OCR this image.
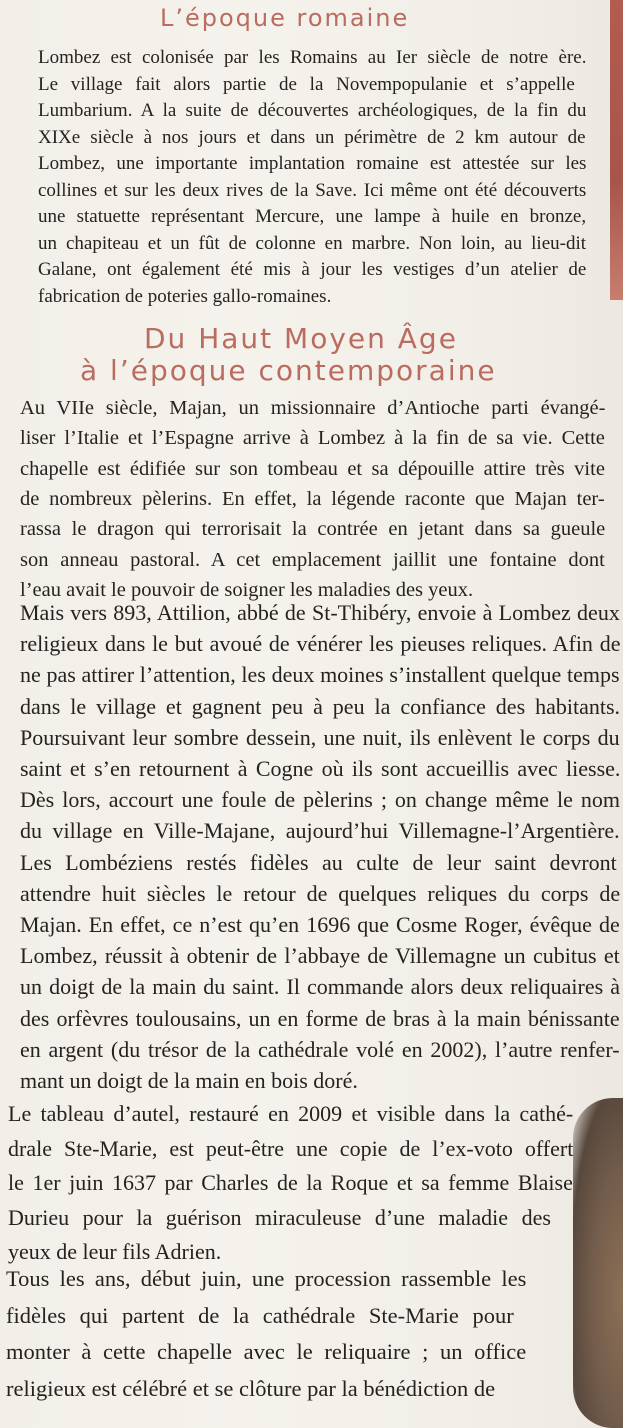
L’époque romaine
Lombez est colonisée par les Romains au Ier siècle de notre ère.
Le village fait alors partie de la Novempopulanie et s’appelle
Lumbarium. A la suite de découvertes archéologiques, de la fin du
XIXe siècle à nos jours et dans un périmètre de 2 km autour de
Lombez, une importante implantation romaine est attestée sur les
collines et sur les deux rives de la Save. Ici même ont été découverts
une statuette représentant Mercure, une lampe à huile en bronze,
un chapiteau et un fût de colonne en marbre. Non loin, au lieu-dit
Galane, ont également été mis à jour les vestiges d’un atelier de
fabrication de poteries gallo-romaines.
Du Haut Moyen Âge
à l’époque contemporaine
Au VIIe siècle, Majan, un missionnaire d’Antioche parti évangé-
liser l’Italie et l’Espagne arrive à Lombez à la fin de sa vie. Cette
chapelle est édifiée sur son tombeau et sa dépouille attire très vite
de nombreux pèlerins. En effet, la légende raconte que Majan ter-
rassa le dragon qui terrorisait la contrée en jetant dans sa gueule
son anneau pastoral. A cet emplacement jaillit une fontaine dont
l’eau avait le pouvoir de soigner les maladies des yeux.
Mais vers 893, Attilion, abbé de St-Thibéry, envoie à Lombez deux
religieux dans le but avoué de vénérer les pieuses reliques. Afin de
ne pas attirer l’attention, les deux moines s’installent quelque temps
dans le village et gagnent peu à peu la confiance des habitants.
Poursuivant leur sombre dessein, une nuit, ils enlèvent le corps du
saint et s’en retournent à Cogne où ils sont accueillis avec liesse.
Dès lors, accourt une foule de pèlerins ; on change même le nom
du village en Ville-Majane, aujourd’hui Villemagne-l’Argentière.
Les Lombéziens restés fidèles au culte de leur saint devront
attendre huit siècles le retour de quelques reliques du corps de
Majan. En effet, ce n’est qu’en 1696 que Cosme Roger, évêque de
Lombez, réussit à obtenir de l’abbaye de Villemagne un cubitus et
un doigt de la main du saint. Il commande alors deux reliquaires à
des orfèvres toulousains, un en forme de bras à la main bénissante
en argent (du trésor de la cathédrale volé en 2002), l’autre renfer-
mant un doigt de la main en bois doré.
Le tableau d’autel, restauré en 2009 et visible dans la cathé-
drale Ste-Marie, est peut-être une copie de l’ex-voto offert
le 1er juin 1637 par Charles de la Roque et sa femme Blaise
Durieu pour la guérison miraculeuse d’une maladie des
yeux de leur fils Adrien.
Tous les ans, début juin, une procession rassemble les
fidèles qui partent de la cathédrale Ste-Marie pour
monter à cette chapelle avec le reliquaire ; un office
religieux est célébré et se clôture par la bénédiction de
